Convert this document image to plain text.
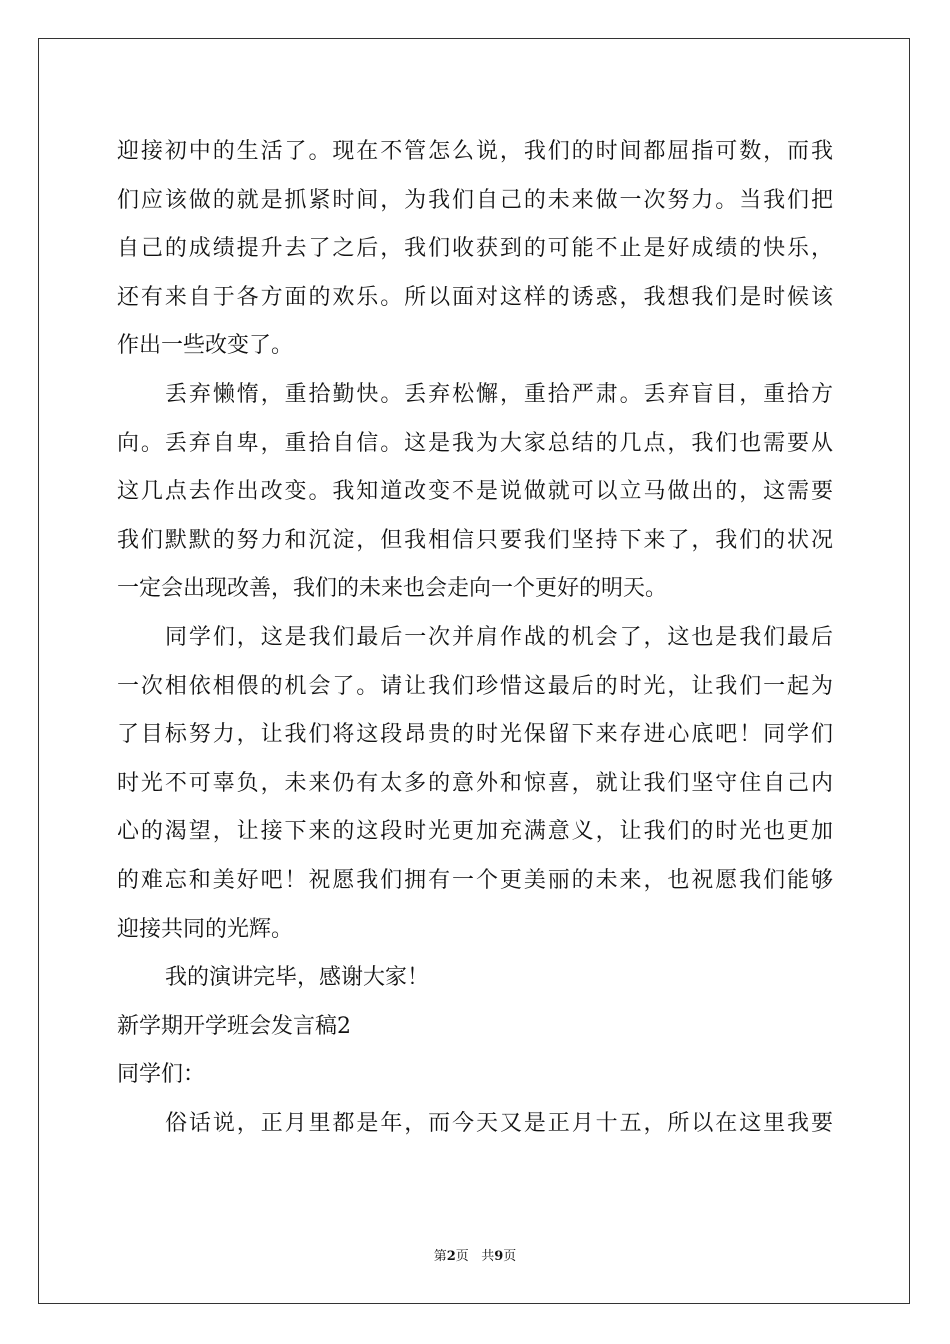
迎接初中的生活了。现在不管怎么说，我们的时间都屈指可数，而我
们应该做的就是抓紧时间，为我们自己的未来做一次努力。当我们把
自己的成绩提升去了之后，我们收获到的可能不止是好成绩的快乐，
还有来自于各方面的欢乐。所以面对这样的诱惑，我想我们是时候该
作出一些改变了。
丢弃懒惰，重拾勤快。丢弃松懈，重拾严肃。丢弃盲目，重拾方
向。丢弃自卑，重拾自信。这是我为大家总结的几点，我们也需要从
这几点去作出改变。我知道改变不是说做就可以立马做出的，这需要
我们默默的努力和沉淀，但我相信只要我们坚持下来了，我们的状况
一定会出现改善，我们的未来也会走向一个更好的明天。
同学们，这是我们最后一次并肩作战的机会了，这也是我们最后
一次相依相偎的机会了。请让我们珍惜这最后的时光，让我们一起为
了目标努力，让我们将这段昂贵的时光保留下来存进心底吧！同学们
时光不可辜负，未来仍有太多的意外和惊喜，就让我们坚守住自己内
心的渴望，让接下来的这段时光更加充满意义，让我们的时光也更加
的难忘和美好吧！祝愿我们拥有一个更美丽的未来，也祝愿我们能够
迎接共同的光辉。
我的演讲完毕，感谢大家！
新学期开学班会发言稿2
同学们：
俗话说，正月里都是年，而今天又是正月十五，所以在这里我要
第2页   共9页
